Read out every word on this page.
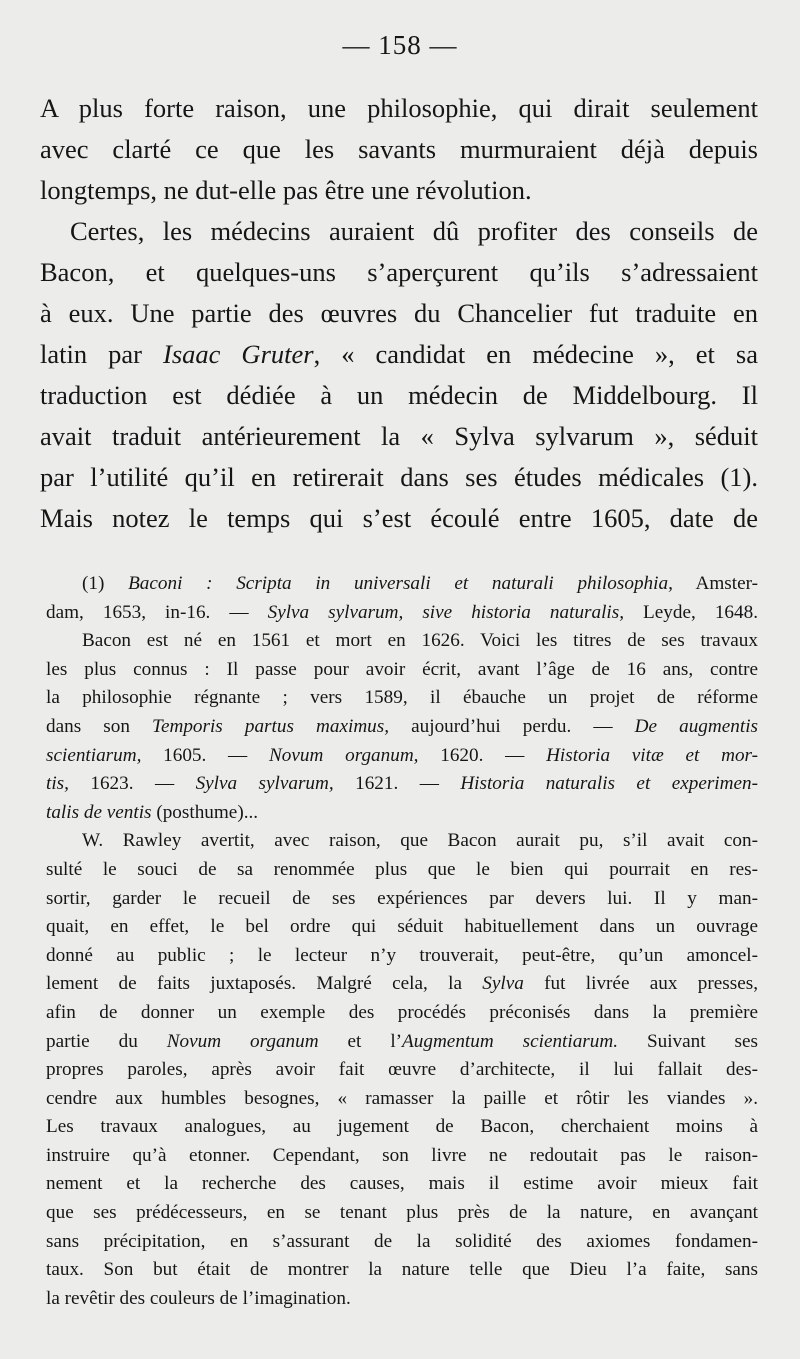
— 158 —
A plus forte raison, une philosophie, qui dirait seulement
avec clarté ce que les savants murmuraient déjà depuis
longtemps, ne dut-elle pas être une révolution.
Certes, les médecins auraient dû profiter des conseils de
Bacon, et quelques-uns s’aperçurent qu’ils s’adressaient
à eux. Une partie des œuvres du Chancelier fut traduite en
latin par Isaac Gruter, « candidat en médecine », et sa
traduction est dédiée à un médecin de Middelbourg. Il
avait traduit antérieurement la « Sylva sylvarum », séduit
par l’utilité qu’il en retirerait dans ses études médicales (1).
Mais notez le temps qui s’est écoulé entre 1605, date de
(1) Baconi : Scripta in universali et naturali philosophia, Amster-
dam, 1653, in-16. — Sylva sylvarum, sive historia naturalis, Leyde, 1648.
Bacon est né en 1561 et mort en 1626. Voici les titres de ses travaux
les plus connus : Il passe pour avoir écrit, avant l’âge de 16 ans, contre
la philosophie régnante ; vers 1589, il ébauche un projet de réforme
dans son Temporis partus maximus, aujourd’hui perdu. — De augmentis
scientiarum, 1605. — Novum organum, 1620. — Historia vitæ et mor-
tis, 1623. — Sylva sylvarum, 1621. — Historia naturalis et experimen-
talis de ventis (posthume)...
W. Rawley avertit, avec raison, que Bacon aurait pu, s’il avait con-
sulté le souci de sa renommée plus que le bien qui pourrait en res-
sortir, garder le recueil de ses expériences par devers lui. Il y man-
quait, en effet, le bel ordre qui séduit habituellement dans un ouvrage
donné au public ; le lecteur n’y trouverait, peut-être, qu’un amoncel-
lement de faits juxtaposés. Malgré cela, la Sylva fut livrée aux presses,
afin de donner un exemple des procédés préconisés dans la première
partie du Novum organum et l’Augmentum scientiarum. Suivant ses
propres paroles, après avoir fait œuvre d’architecte, il lui fallait des-
cendre aux humbles besognes, « ramasser la paille et rôtir les viandes ».
Les travaux analogues, au jugement de Bacon, cherchaient moins à
instruire qu’à etonner. Cependant, son livre ne redoutait pas le raison-
nement et la recherche des causes, mais il estime avoir mieux fait
que ses prédécesseurs, en se tenant plus près de la nature, en avançant
sans précipitation, en s’assurant de la solidité des axiomes fondamen-
taux. Son but était de montrer la nature telle que Dieu l’a faite, sans
la revêtir des couleurs de l’imagination.
